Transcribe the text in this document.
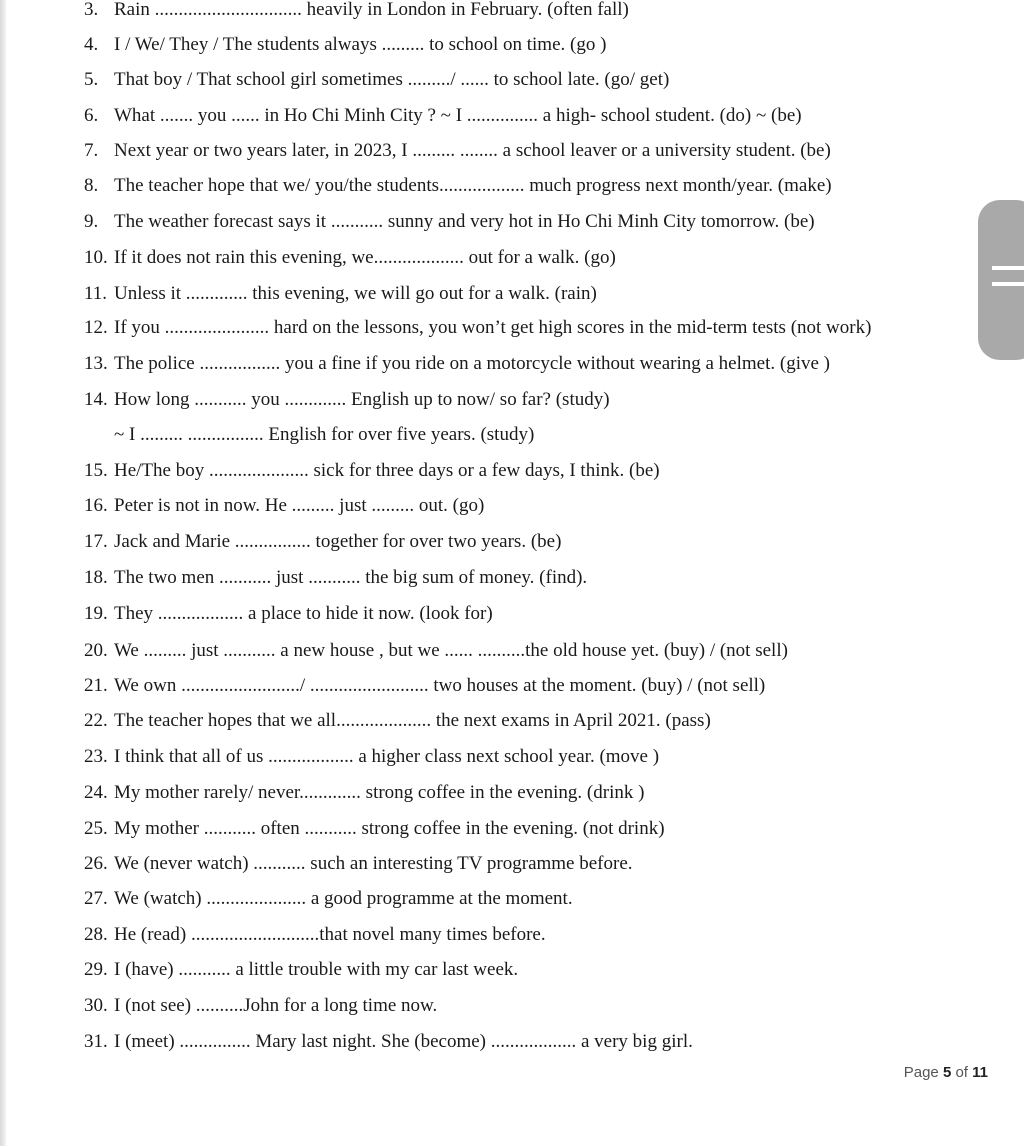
3. Rain ............................... heavily in London in February. (often fall)
4. I / We/ They / The students always ......... to school on time. (go )
5. That boy / That school girl sometimes ........./ ...... to school late. (go/ get)
6. What ....... you ...... in Ho Chi Minh City ? ~ I ............... a high- school student. (do) ~ (be)
7. Next year or two years later, in 2023, I ......... ........ a school leaver or a university student. (be)
8. The teacher hope that we/ you/the students.................. much progress next month/year. (make)
9. The weather forecast says it ........... sunny and very hot in Ho Chi Minh City tomorrow. (be)
10. If it does not rain this evening, we................... out for a walk. (go)
11. Unless it ............. this evening, we will go out for a walk. (rain)
12. If you ...................... hard on the lessons, you won’t get high scores in the mid-term tests (not work)
13. The police ................. you a fine if you ride on a motorcycle without wearing a helmet. (give )
14. How long ........... you ............. English up to now/ so far? (study)
~ I ......... ................ English for over five years. (study)
15. He/The boy ..................... sick for three days or a few days, I think. (be)
16. Peter is not in now. He ......... just ......... out. (go)
17. Jack and Marie ................ together for over two years. (be)
18. The two men ........... just ........... the big sum of money. (find).
19. They .................. a place to hide it now. (look for)
20. We ......... just ........... a new house , but we ...... ..........the old house yet. (buy) / (not sell)
21. We own ........................./ ......................... two houses at the moment. (buy) / (not sell)
22. The teacher hopes that we all.................... the next exams in April 2021. (pass)
23. I think that all of us .................. a higher class next school year. (move )
24. My mother rarely/ never............. strong coffee in the evening. (drink )
25. My mother ........... often ........... strong coffee in the evening. (not drink)
26. We (never watch) ........... such an interesting TV programme before.
27. We (watch) ..................... a good programme at the moment.
28. He (read) ...........................that novel many times before.
29. I (have) ........... a little trouble with my car last week.
30. I (not see) ..........John for a long time now.
31. I (meet) ............... Mary last night. She (become) .................. a very big girl.
Page 5 of 11
